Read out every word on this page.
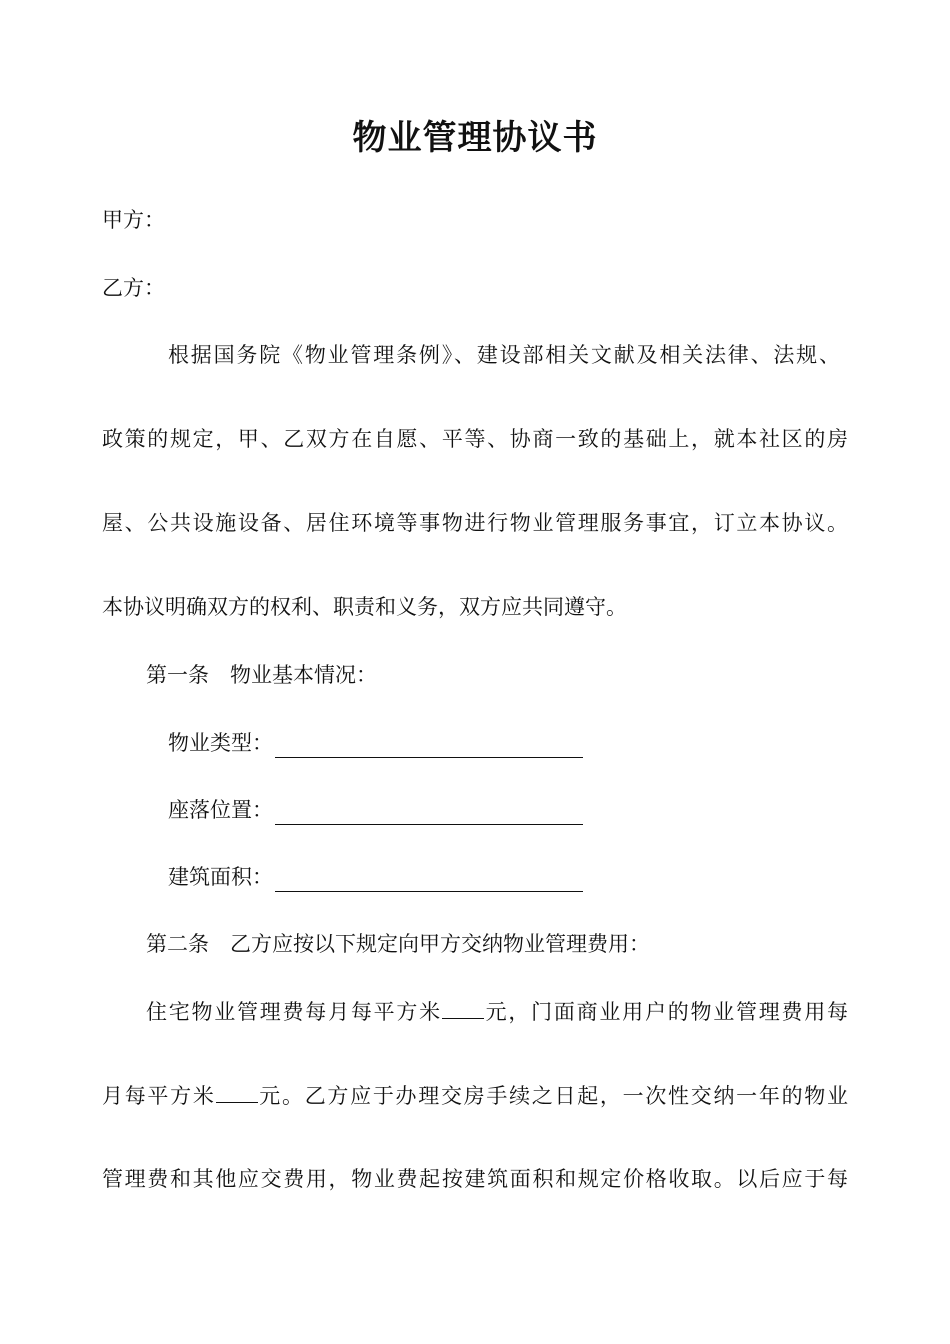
物业管理协议书
甲方：
乙方：
根据国务院《物业管理条例》、建设部相关文献及相关法律、法规、
政策的规定，甲、乙双方在自愿、平等、协商一致的基础上，就本社区的房
屋、公共设施设备、居住环境等事物进行物业管理服务事宜，订立本协议。
本协议明确双方的权利、职责和义务，双方应共同遵守。
第一条　物业基本情况：
物业类型：
座落位置：
建筑面积：
第二条　乙方应按以下规定向甲方交纳物业管理费用：
住宅物业管理费每月每平方米 元，门面商业用户的物业管理费用每
月每平方米 元。乙方应于办理交房手续之日起，一次性交纳一年的物业
管理费和其他应交费用，物业费起按建筑面积和规定价格收取。以后应于每
